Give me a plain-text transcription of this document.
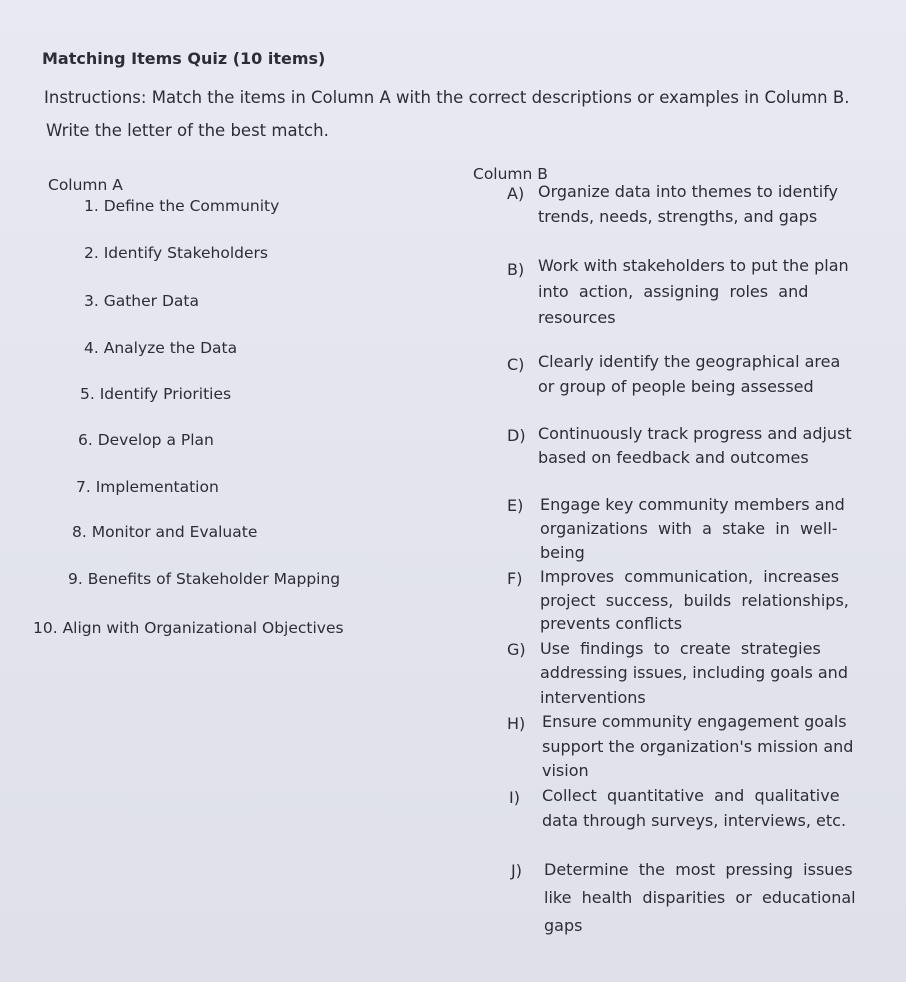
Matching Items Quiz (10 items)

Instructions: Match the items in Column A with the correct descriptions or examples in Column B.

Write the letter of the best match.

Column A

Column B

1. Define the Community

2. Identify Stakeholders

3. Gather Data

4. Analyze the Data

5. Identify Priorities

6. Develop a Plan

7. Implementation

8. Monitor and Evaluate

9. Benefits of Stakeholder Mapping

10. Align with Organizational Objectives

A) Organize data into themes to identify

trends, needs, strengths, and gaps

B) Work with stakeholders to put the plan

into  action,  assigning  roles  and

resources

C) Clearly identify the geographical area

or group of people being assessed

D) Continuously track progress and adjust

based on feedback and outcomes

E) Engage key community members and

organizations  with  a  stake  in  well-

being

F) Improves  communication,  increases

project  success,  builds  relationships,

prevents conflicts

G) Use  findings  to  create  strategies

addressing issues, including goals and

interventions

H) Ensure community engagement goals

support the organization's mission and

vision

I) Collect  quantitative  and  qualitative

data through surveys, interviews, etc.

J) Determine  the  most  pressing  issues

like  health  disparities  or  educational

gaps
